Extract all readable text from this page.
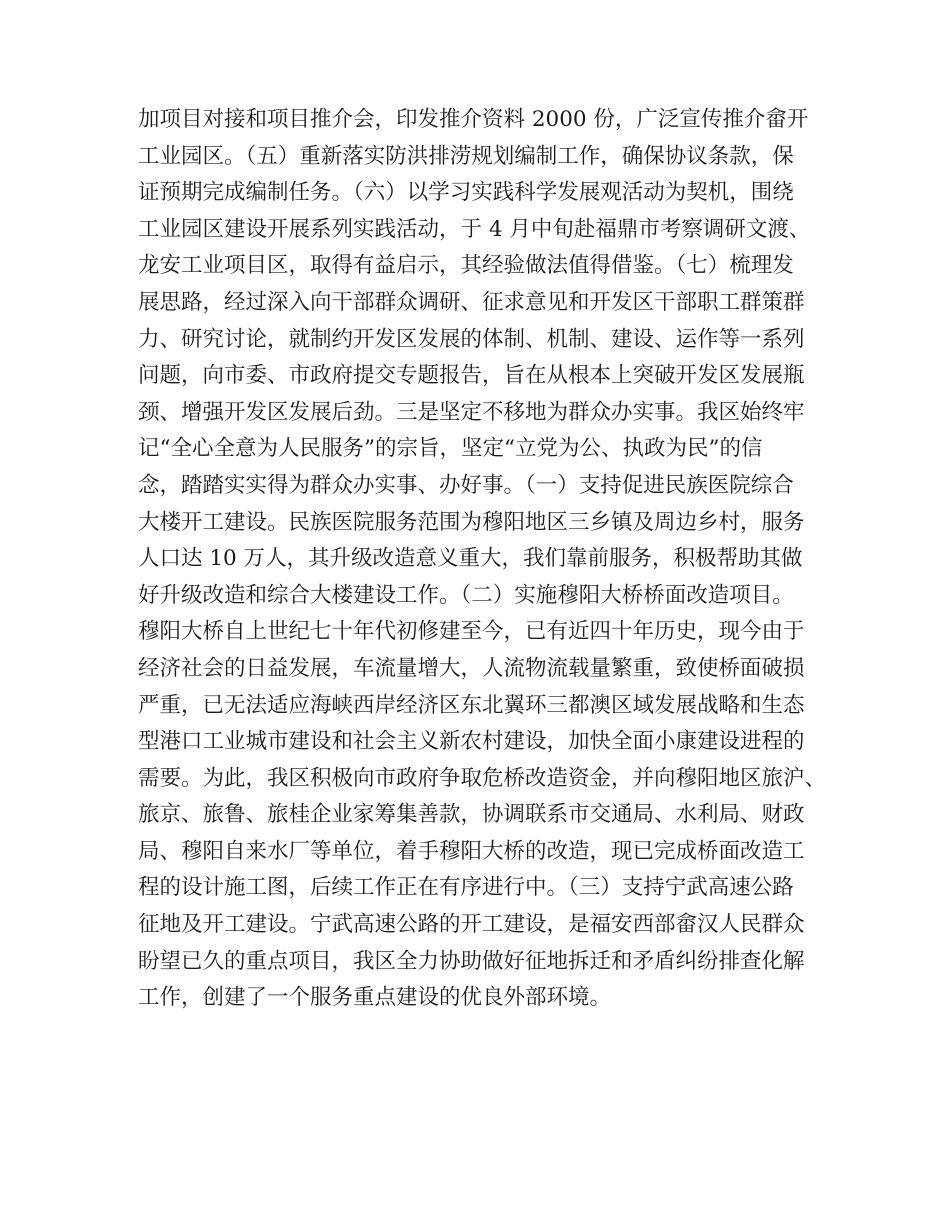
加项目对接和项目推介会，印发推介资料 2000 份，广泛宣传推介畲开
工业园区。（五）重新落实防洪排涝规划编制工作，确保协议条款，保
证预期完成编制任务。（六）以学习实践科学发展观活动为契机，围绕
工业园区建设开展系列实践活动，于 4 月中旬赴福鼎市考察调研文渡、
龙安工业项目区，取得有益启示，其经验做法值得借鉴。（七）梳理发
展思路，经过深入向干部群众调研、征求意见和开发区干部职工群策群
力、研究讨论，就制约开发区发展的体制、机制、建设、运作等一系列
问题，向市委、市政府提交专题报告，旨在从根本上突破开发区发展瓶
颈、增强开发区发展后劲。三是坚定不移地为群众办实事。我区始终牢
记“全心全意为人民服务”的宗旨，坚定“立党为公、执政为民”的信
念，踏踏实实得为群众办实事、办好事。（一）支持促进民族医院综合
大楼开工建设。民族医院服务范围为穆阳地区三乡镇及周边乡村，服务
人口达 10 万人，其升级改造意义重大，我们靠前服务，积极帮助其做
好升级改造和综合大楼建设工作。（二）实施穆阳大桥桥面改造项目。
穆阳大桥自上世纪七十年代初修建至今，已有近四十年历史，现今由于
经济社会的日益发展，车流量增大，人流物流载量繁重，致使桥面破损
严重，已无法适应海峡西岸经济区东北翼环三都澳区域发展战略和生态
型港口工业城市建设和社会主义新农村建设，加快全面小康建设进程的
需要。为此，我区积极向市政府争取危桥改造资金，并向穆阳地区旅沪、
旅京、旅鲁、旅桂企业家筹集善款，协调联系市交通局、水利局、财政
局、穆阳自来水厂等单位，着手穆阳大桥的改造，现已完成桥面改造工
程的设计施工图，后续工作正在有序进行中。（三）支持宁武高速公路
征地及开工建设。宁武高速公路的开工建设，是福安西部畲汉人民群众
盼望已久的重点项目，我区全力协助做好征地拆迁和矛盾纠纷排查化解
工作，创建了一个服务重点建设的优良外部环境。
